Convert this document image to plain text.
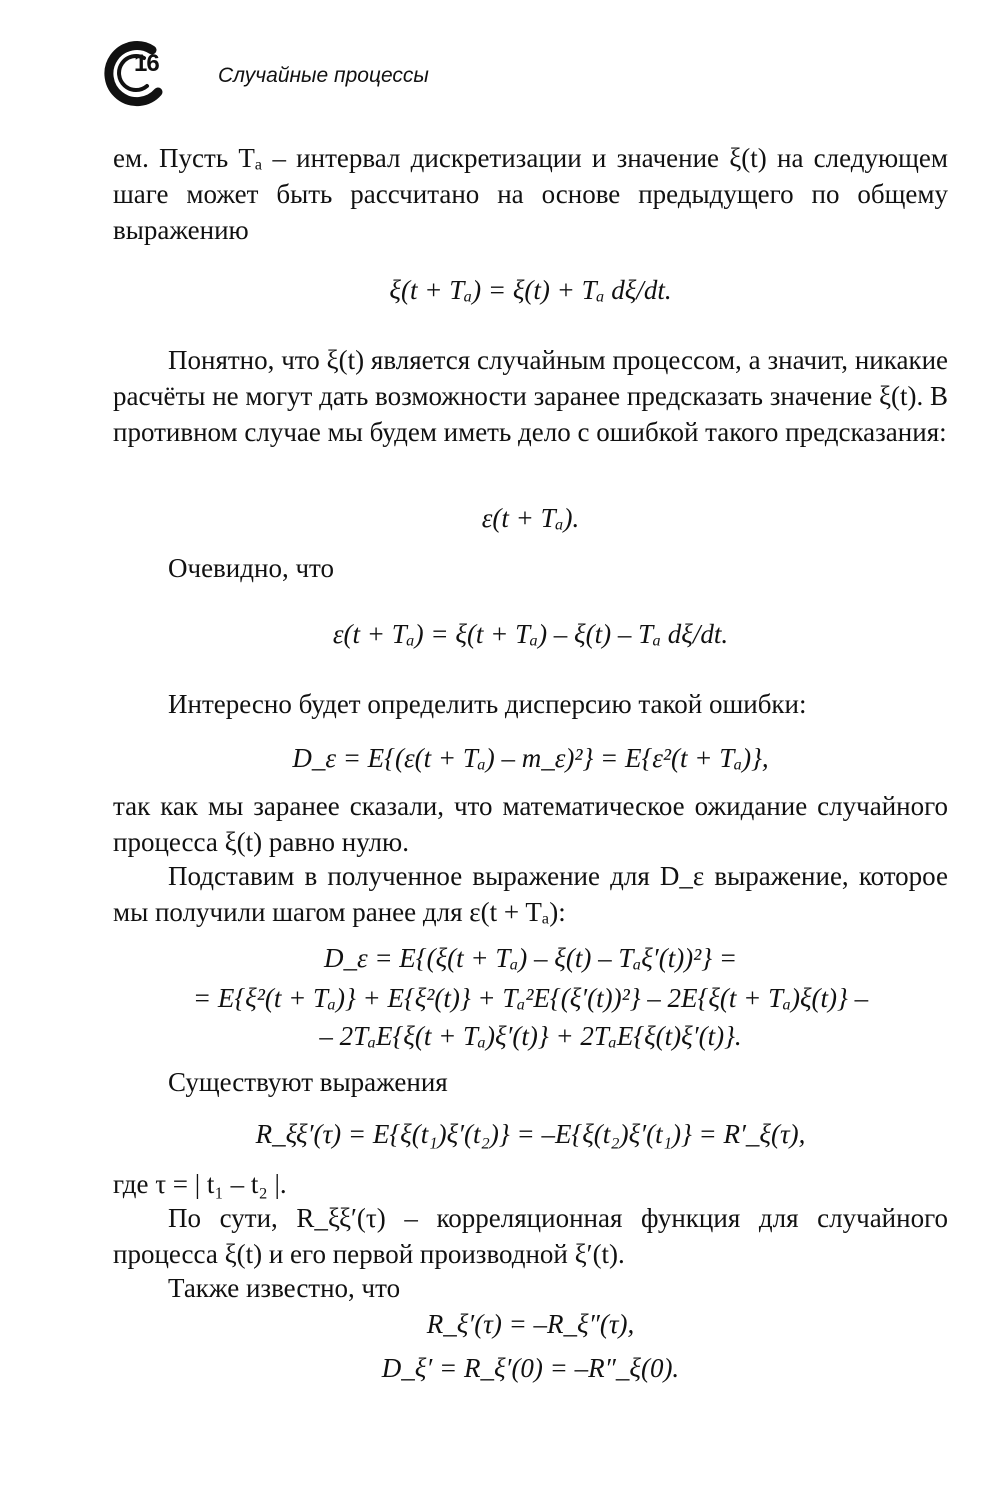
16	Случайные процессы

ем. Пусть Tₐ – интервал дискретизации и значение ξ(t) на следующем шаге может быть рассчитано на основе предыдущего по общему выражению

ξ(t + Tₐ) = ξ(t) + Tₐ dξ/dt.

Понятно, что ξ(t) является случайным процессом, а значит, никакие расчёты не могут дать возможности заранее предсказать значение ξ(t). В противном случае мы будем иметь дело с ошибкой такого предсказания:

ε(t + Tₐ).

Очевидно, что

ε(t + Tₐ) = ξ(t + Tₐ) – ξ(t) – Tₐ dξ/dt.

Интересно будет определить дисперсию такой ошибки:

D_ε = E{(ε(t + Tₐ) – m_ε)²} = E{ε²(t + Tₐ)},

так как мы заранее сказали, что математическое ожидание случайного процесса ξ(t) равно нулю.

Подставим в полученное выражение для D_ε выражение, которое мы получили шагом ранее для ε(t + Tₐ):

D_ε = E{(ξ(t + Tₐ) – ξ(t) – Tₐξ′(t))²} =
= E{ξ²(t + Tₐ)} + E{ξ²(t)} + Tₐ²E{(ξ′(t))²} – 2E{ξ(t + Tₐ)ξ(t)} –
– 2TₐE{ξ(t + Tₐ)ξ′(t)} + 2TₐE{ξ(t)ξ′(t)}.

Существуют выражения

R_ξξ′(τ) = E{ξ(t₁)ξ′(t₂)} = –E{ξ(t₂)ξ′(t₁)} = R′_ξ(τ),

где τ = | t₁ – t₂ |.

По сути, R_ξξ′(τ) – корреляционная функция для случайного процесса ξ(t) и его первой производной ξ′(t).

Также известно, что

R_ξ′(τ) = –R_ξ″(τ),
D_ξ′ = R_ξ′(0) = –R″_ξ(0).
